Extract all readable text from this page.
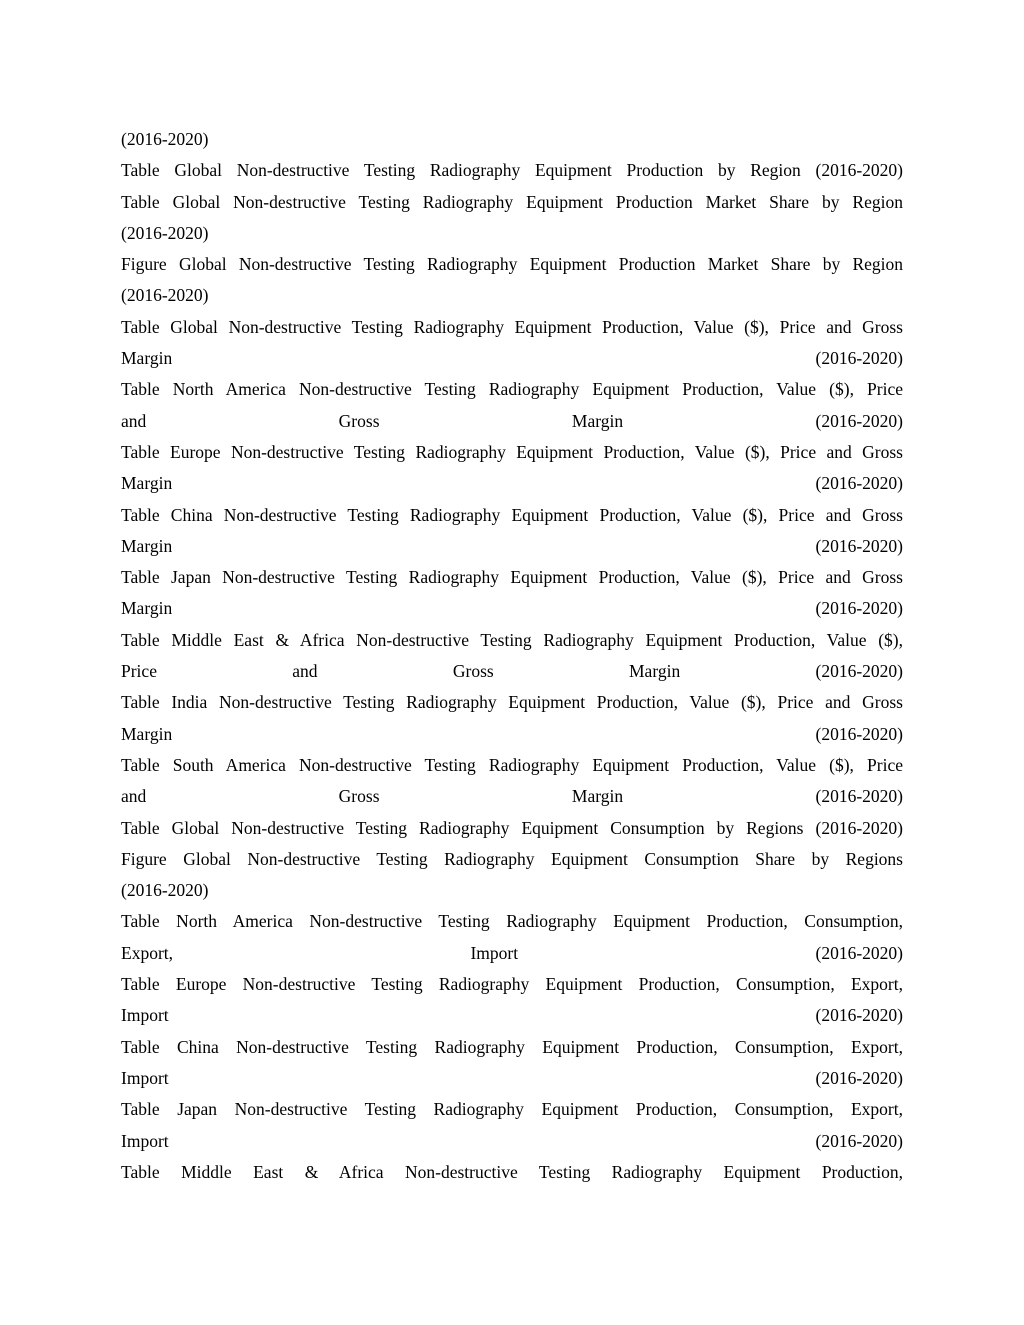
(2016-2020)
Table Global Non-destructive Testing Radiography Equipment Production by Region (2016-2020)
Table Global Non-destructive Testing Radiography Equipment Production Market Share by Region
(2016-2020)
Figure Global Non-destructive Testing Radiography Equipment Production Market Share by Region
(2016-2020)
Table Global Non-destructive Testing Radiography Equipment Production, Value ($), Price and Gross
Margin (2016-2020)
Table North America Non-destructive Testing Radiography Equipment Production, Value ($), Price
and Gross Margin (2016-2020)
Table Europe Non-destructive Testing Radiography Equipment Production, Value ($), Price and Gross
Margin (2016-2020)
Table China Non-destructive Testing Radiography Equipment Production, Value ($), Price and Gross
Margin (2016-2020)
Table Japan Non-destructive Testing Radiography Equipment Production, Value ($), Price and Gross
Margin (2016-2020)
Table Middle East & Africa Non-destructive Testing Radiography Equipment Production, Value ($),
Price and Gross Margin (2016-2020)
Table India Non-destructive Testing Radiography Equipment Production, Value ($), Price and Gross
Margin (2016-2020)
Table South America Non-destructive Testing Radiography Equipment Production, Value ($), Price
and Gross Margin (2016-2020)
Table Global Non-destructive Testing Radiography Equipment Consumption by Regions (2016-2020)
Figure Global Non-destructive Testing Radiography Equipment Consumption Share by Regions
(2016-2020)
Table North America Non-destructive Testing Radiography Equipment Production, Consumption,
Export, Import (2016-2020)
Table Europe Non-destructive Testing Radiography Equipment Production, Consumption, Export,
Import (2016-2020)
Table China Non-destructive Testing Radiography Equipment Production, Consumption, Export,
Import (2016-2020)
Table Japan Non-destructive Testing Radiography Equipment Production, Consumption, Export,
Import (2016-2020)
Table Middle East & Africa Non-destructive Testing Radiography Equipment Production,
